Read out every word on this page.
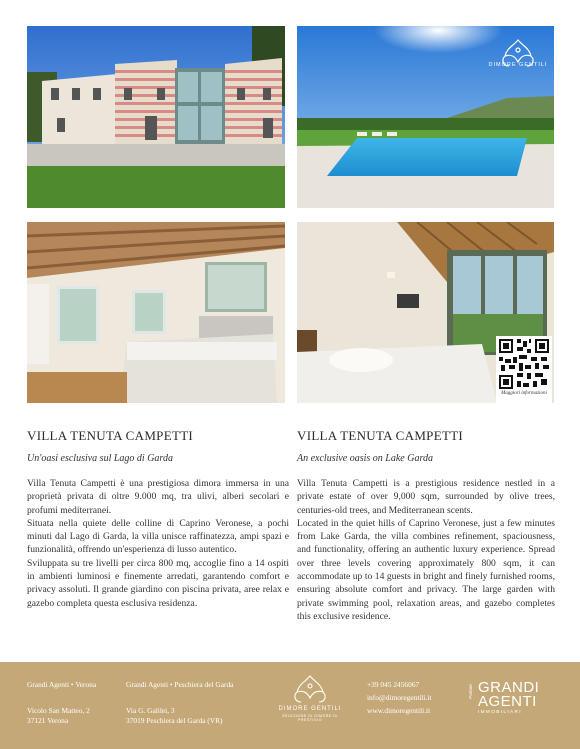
DIMORE GENTILI
Maggiori informazioni
VILLA TENUTA CAMPETTI
Un'oasi esclusiva sul Lago di Garda

Villa Tenuta Campetti è una prestigiosa dimora immersa in una proprietà privata di oltre 9.000 mq, tra ulivi, alberi secolari e profumi mediterranei.

Situata nella quiete delle colline di Caprino Veronese, a pochi minuti dal Lago di Garda, la villa unisce raffinatezza, ampi spazi e funzionalità, offrendo un'esperienza di lusso autentico.

Sviluppata su tre livelli per circa 800 mq, accoglie fino a 14 ospiti in ambienti luminosi e finemente arredati, garantendo comfort e privacy assoluti. Il grande giardino con piscina privata, aree relax e gazebo completa questa esclusiva residenza.

VILLA TENUTA CAMPETTI
An exclusive oasis on Lake Garda

Villa Tenuta Campetti is a prestigious residence nestled in a private estate of over 9,000 sqm, surrounded by olive trees, centuries-old trees, and Mediterranean scents.

Located in the quiet hills of Caprino Veronese, just a few minutes from Lake Garda, the villa combines refinement, spaciousness, and functionality, offering an authentic luxury experience. Spread over three levels covering approximately 800 sqm, it can accommodate up to 14 guests in bright and finely furnished rooms, ensuring absolute comfort and privacy. The large garden with private swimming pool, relaxation areas, and gazebo completes this exclusive residence.

Grandi Agenti • Verona
Vicolo San Matteo, 2
37121 Verona
Grandi Agenti • Peschiera del Garda
Via G. Galilei, 3
37019 Peschiera del Garda (VR)
DIMORE GENTILI
SELEZIONE DI DIMORE DI PRESTIGIO
+39 045 2456067
info@dimoregentili.it
www.dimoregentili.it
Partner GRANDI
AGENTI
IMMOBILIARI
